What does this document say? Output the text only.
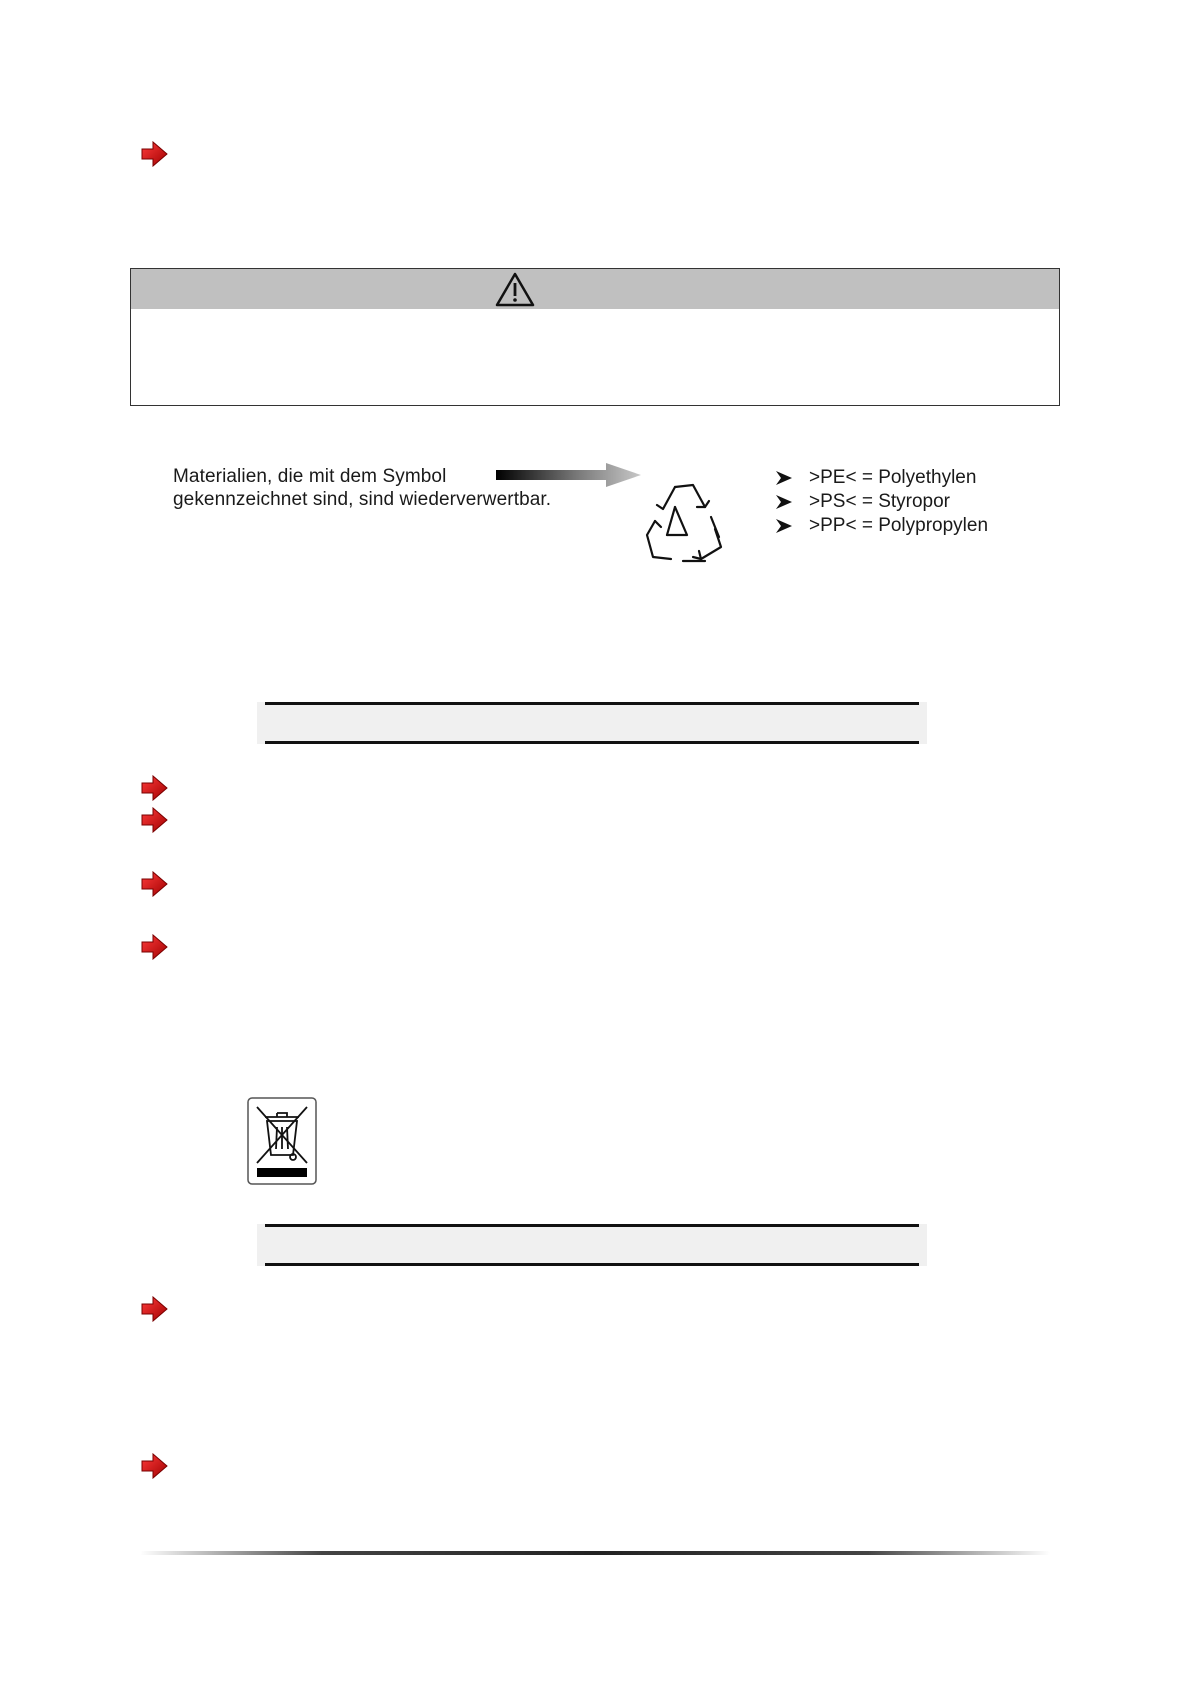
Materialien, die mit dem Symbol
gekennzeichnet sind, sind wiederverwertbar.
>PE< = Polyethylen
>PS< = Styropor
>PP< = Polypropylen
